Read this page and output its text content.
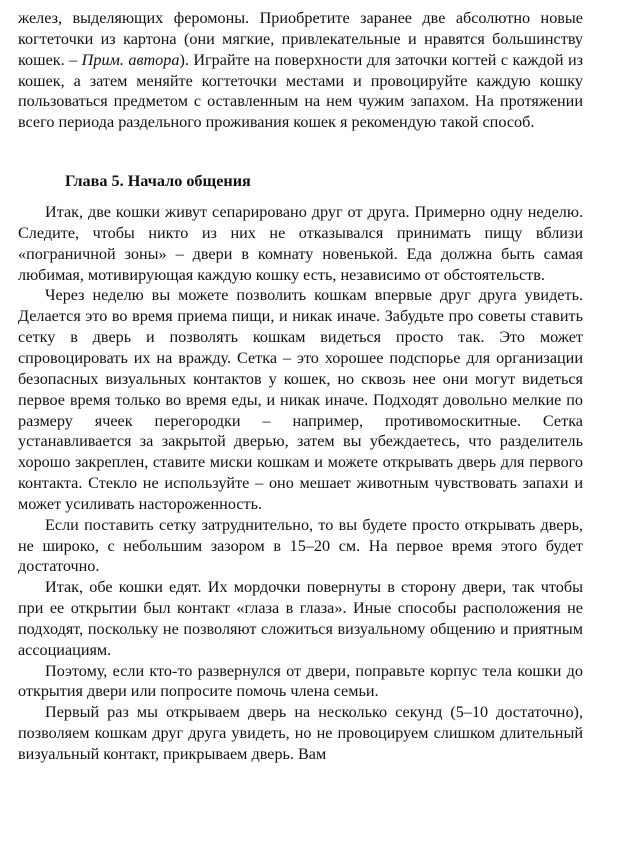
желез, выделяющих феромоны. Приобретите заранее две абсолютно новые когтеточки из картона (они мягкие, привлекательные и нравятся большинству кошек. – Прим. автора). Играйте на поверхности для заточки когтей с каждой из кошек, а затем меняйте когтеточки местами и провоцируйте каждую кошку пользоваться предметом с оставленным на нем чужим запахом. На протяжении всего периода раздельного проживания кошек я рекомендую такой способ.

Глава 5. Начало общения

Итак, две кошки живут сепарировано друг от друга. Примерно одну неделю. Следите, чтобы никто из них не отказывался принимать пищу вблизи «пограничной зоны» – двери в комнату новенькой. Еда должна быть самая любимая, мотивирующая каждую кошку есть, независимо от обстоятельств.

Через неделю вы можете позволить кошкам впервые друг друга увидеть. Делается это во время приема пищи, и никак иначе. Забудьте про советы ставить сетку в дверь и позволять кошкам видеться просто так. Это может спровоцировать их на вражду. Сетка – это хорошее подспорье для организации безопасных визуальных контактов у кошек, но сквозь нее они могут видеться первое время только во время еды, и никак иначе. Подходят довольно мелкие по размеру ячеек перегородки – например, противомоскитные. Сетка устанавливается за закрытой дверью, затем вы убеждаетесь, что разделитель хорошо закреплен, ставите миски кошкам и можете открывать дверь для первого контакта. Стекло не используйте – оно мешает животным чувствовать запахи и может усиливать настороженность.

Если поставить сетку затруднительно, то вы будете просто открывать дверь, не широко, с небольшим зазором в 15–20 см. На первое время этого будет достаточно.

Итак, обе кошки едят. Их мордочки повернуты в сторону двери, так чтобы при ее открытии был контакт «глаза в глаза». Иные способы расположения не подходят, поскольку не позволяют сложиться визуальному общению и приятным ассоциациям.

Поэтому, если кто-то развернулся от двери, поправьте корпус тела кошки до открытия двери или попросите помочь члена семьи.

Первый раз мы открываем дверь на несколько секунд (5–10 достаточно), позволяем кошкам друг друга увидеть, но не провоцируем слишком длительный визуальный контакт, прикрываем дверь. Вам
